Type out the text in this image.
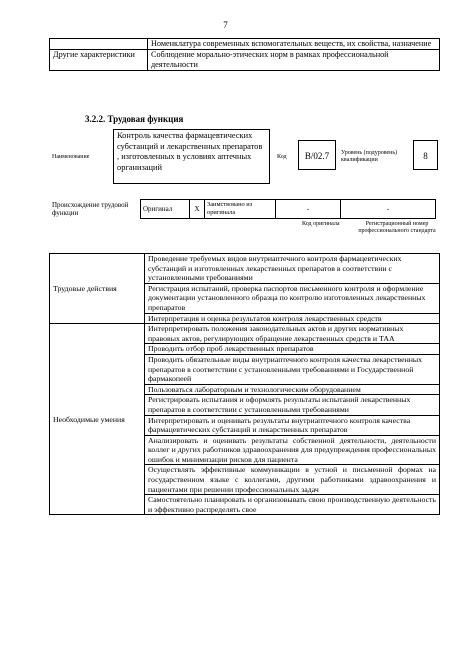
7
	Номенклатура современных вспомогательных веществ, их свойства, назначение
Другие характеристики	Соблюдение морально-этических норм в рамках профессиональной деятельности
3.2.2. Трудовая функция
Наименование
Контроль качества фармацевтических субстанций и лекарственных препаратов , изготовленных в условиях аптечных организаций
Код	B/02.7	Уровень (подуровень) квалификации	8
Происхождение трудовой функции	Оригинал	Х	Заимствовано из оригинала	-	-
Код оригинала	Регистрационный номер профессионального стандарта
Трудовые действия	Проведение требуемых видов внутриаптечного контроля фармацевтических субстанций и изготовленных лекарственных препаратов в соответствии с установленными требованиями
	Регистрация испытаний, проверка паспортов письменного контроля и оформление документации установленного образца по контролю изготовленных лекарственных препаратов
	Интерпретация и оценка результатов контроля лекарственных средств
Необходимые умения	Интерпретировать положения законодательных актов и других нормативных правовых актов, регулирующих обращение лекарственных средств и ТАА
	Проводить отбор проб лекарственных препаратов
	Проводить обязательные виды внутриаптечного контроля качества лекарственных препаратов в соответствии с установленными требованиями и Государственной фармакопеей
	Пользоваться лабораторным и технологическим оборудованием
	Регистрировать испытания и оформлять результаты испытаний лекарственных препаратов в соответствии с установленными требованиями
	Интерпретировать и оценивать результаты внутриаптечного контроля качества фармацевтических субстанций и лекарственных препаратов
	Анализировать и оценивать результаты собственной деятельности, деятельности коллег и других работников здравоохранения для предупреждения профессиональных ошибок и минимизации рисков для пациента
	Осуществлять эффективные коммуникации в устной и письменной формах на государственном языке с коллегами, другими работниками здравоохранения и пациентами при решении профессиональных задач
	Самостоятельно планировать и организовывать свою производственную деятельность и эффективно распределять свое
